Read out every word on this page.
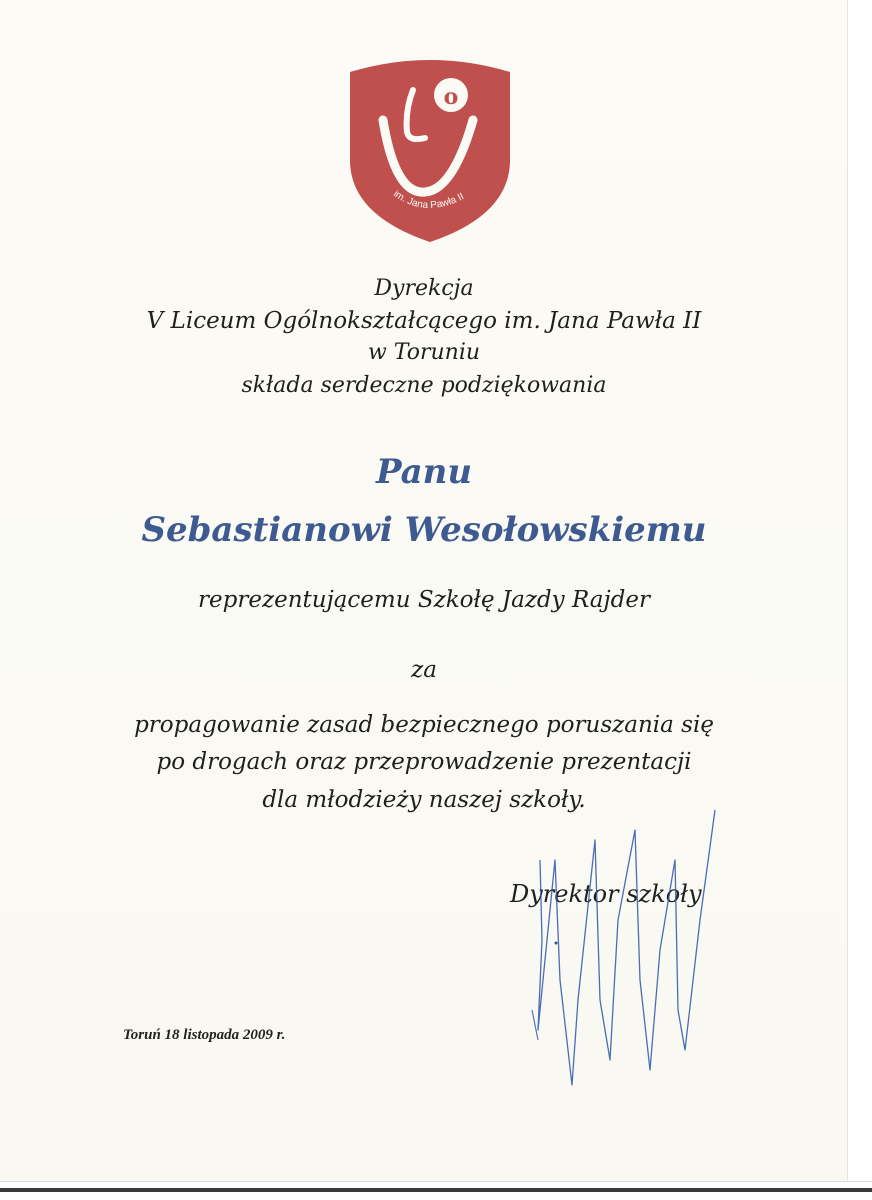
o
im. Jana Pawła II
Dyrekcja
V Liceum Ogólnokształcącego im. Jana Pawła II
w Toruniu
składa serdeczne podziękowania
Panu
Sebastianowi Wesołowskiemu
reprezentującemu Szkołę Jazdy Rajder
za
propagowanie zasad bezpiecznego poruszania się
po drogach oraz przeprowadzenie prezentacji
dla młodzieży naszej szkoły.
Dyrektor szkoły
Toruń 18 listopada 2009 r.
